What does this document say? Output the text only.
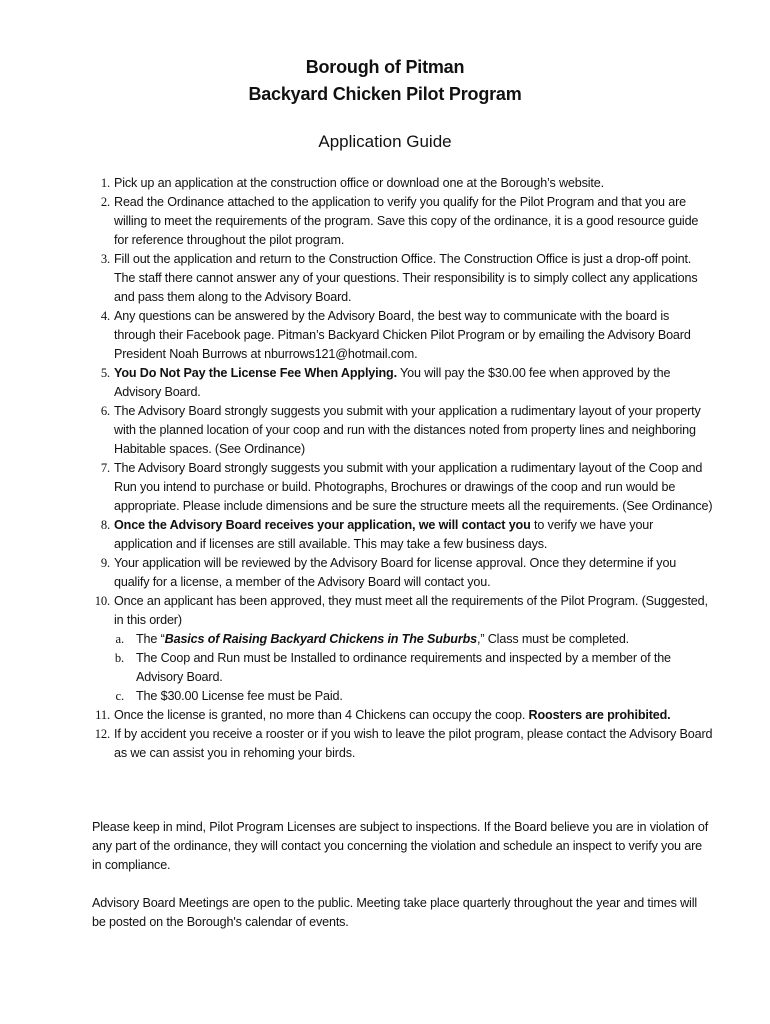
Borough of Pitman
Backyard Chicken Pilot Program
Application Guide
1. Pick up an application at the construction office or download one at the Borough’s website.
2. Read the Ordinance attached to the application to verify you qualify for the Pilot Program and that you are willing to meet the requirements of the program. Save this copy of the ordinance, it is a good resource guide for reference throughout the pilot program.
3. Fill out the application and return to the Construction Office. The Construction Office is just a drop-off point. The staff there cannot answer any of your questions. Their responsibility is to simply collect any applications and pass them along to the Advisory Board.
4. Any questions can be answered by the Advisory Board, the best way to communicate with the board is through their Facebook page. Pitman’s Backyard Chicken Pilot Program or by emailing the Advisory Board President Noah Burrows at nburrows121@hotmail.com.
5. You Do Not Pay the License Fee When Applying. You will pay the $30.00 fee when approved by the Advisory Board.
6. The Advisory Board strongly suggests you submit with your application a rudimentary layout of your property with the planned location of your coop and run with the distances noted from property lines and neighboring Habitable spaces. (See Ordinance)
7. The Advisory Board strongly suggests you submit with your application a rudimentary layout of the Coop and Run you intend to purchase or build. Photographs, Brochures or drawings of the coop and run would be appropriate. Please include dimensions and be sure the structure meets all the requirements. (See Ordinance)
8. Once the Advisory Board receives your application, we will contact you to verify we have your application and if licenses are still available. This may take a few business days.
9. Your application will be reviewed by the Advisory Board for license approval. Once they determine if you qualify for a license, a member of the Advisory Board will contact you.
10. Once an applicant has been approved, they must meet all the requirements of the Pilot Program. (Suggested, in this order)
a. The “Basics of Raising Backyard Chickens in The Suburbs,” Class must be completed.
b. The Coop and Run must be Installed to ordinance requirements and inspected by a member of the Advisory Board.
c. The $30.00 License fee must be Paid.
11. Once the license is granted, no more than 4 Chickens can occupy the coop. Roosters are prohibited.
12. If by accident you receive a rooster or if you wish to leave the pilot program, please contact the Advisory Board as we can assist you in rehoming your birds.
Please keep in mind, Pilot Program Licenses are subject to inspections. If the Board believe you are in violation of any part of the ordinance, they will contact you concerning the violation and schedule an inspect to verify you are in compliance.
Advisory Board Meetings are open to the public. Meeting take place quarterly throughout the year and times will be posted on the Borough's calendar of events.
